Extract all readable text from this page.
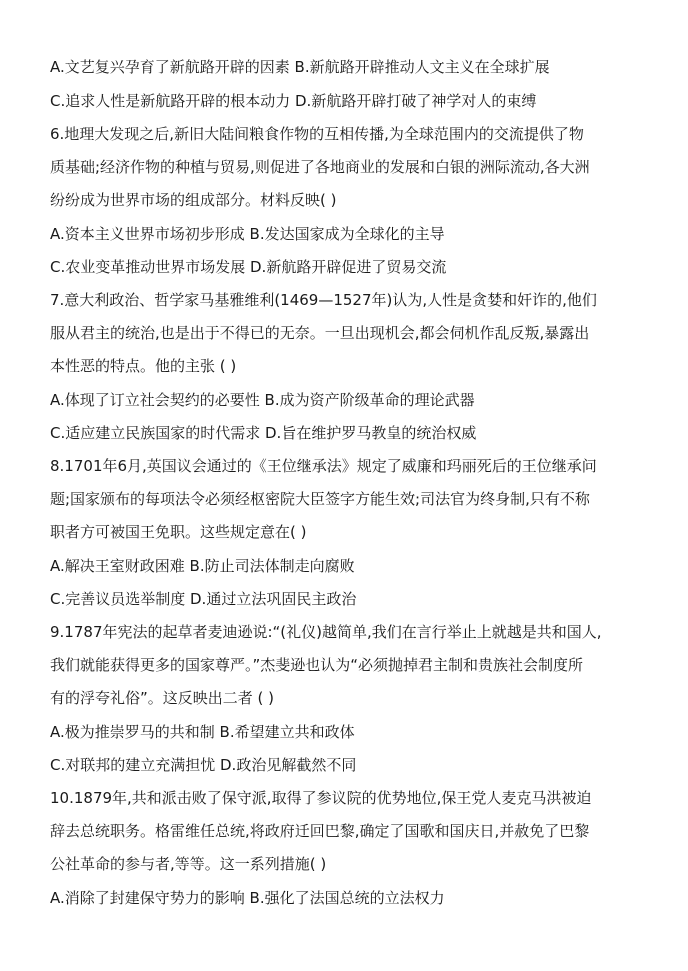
A.文艺复兴孕育了新航路开辟的因素 B.新航路开辟推动人文主义在全球扩展
C.追求人性是新航路开辟的根本动力 D.新航路开辟打破了神学对人的束缚
6.地理大发现之后,新旧大陆间粮食作物的互相传播,为全球范围内的交流提供了物
质基础;经济作物的种植与贸易,则促进了各地商业的发展和白银的洲际流动,各大洲
纷纷成为世界市场的组成部分。材料反映( )
A.资本主义世界市场初步形成 B.发达国家成为全球化的主导
C.农业变革推动世界市场发展 D.新航路开辟促进了贸易交流
7.意大利政治、哲学家马基雅维利(1469—1527年)认为,人性是贪婪和奸诈的,他们
服从君主的统治,也是出于不得已的无奈。一旦出现机会,都会伺机作乱反叛,暴露出
本性恶的特点。他的主张 ( )
A.体现了订立社会契约的必要性 B.成为资产阶级革命的理论武器
C.适应建立民族国家的时代需求 D.旨在维护罗马教皇的统治权威
8.1701年6月,英国议会通过的《王位继承法》规定了威廉和玛丽死后的王位继承问
题;国家颁布的每项法令必须经枢密院大臣签字方能生效;司法官为终身制,只有不称
职者方可被国王免职。这些规定意在( )
A.解决王室财政困难 B.防止司法体制走向腐败
C.完善议员选举制度 D.通过立法巩固民主政治
9.1787年宪法的起草者麦迪逊说:“(礼仪)越简单,我们在言行举止上就越是共和国人,
我们就能获得更多的国家尊严。”杰斐逊也认为“必须抛掉君主制和贵族社会制度所
有的浮夸礼俗”。这反映出二者 ( )
A.极为推崇罗马的共和制 B.希望建立共和政体
C.对联邦的建立充满担忧 D.政治见解截然不同
10.1879年,共和派击败了保守派,取得了参议院的优势地位,保王党人麦克马洪被迫
辞去总统职务。格雷维任总统,将政府迁回巴黎,确定了国歌和国庆日,并赦免了巴黎
公社革命的参与者,等等。这一系列措施( )
A.消除了封建保守势力的影响 B.强化了法国总统的立法权力
